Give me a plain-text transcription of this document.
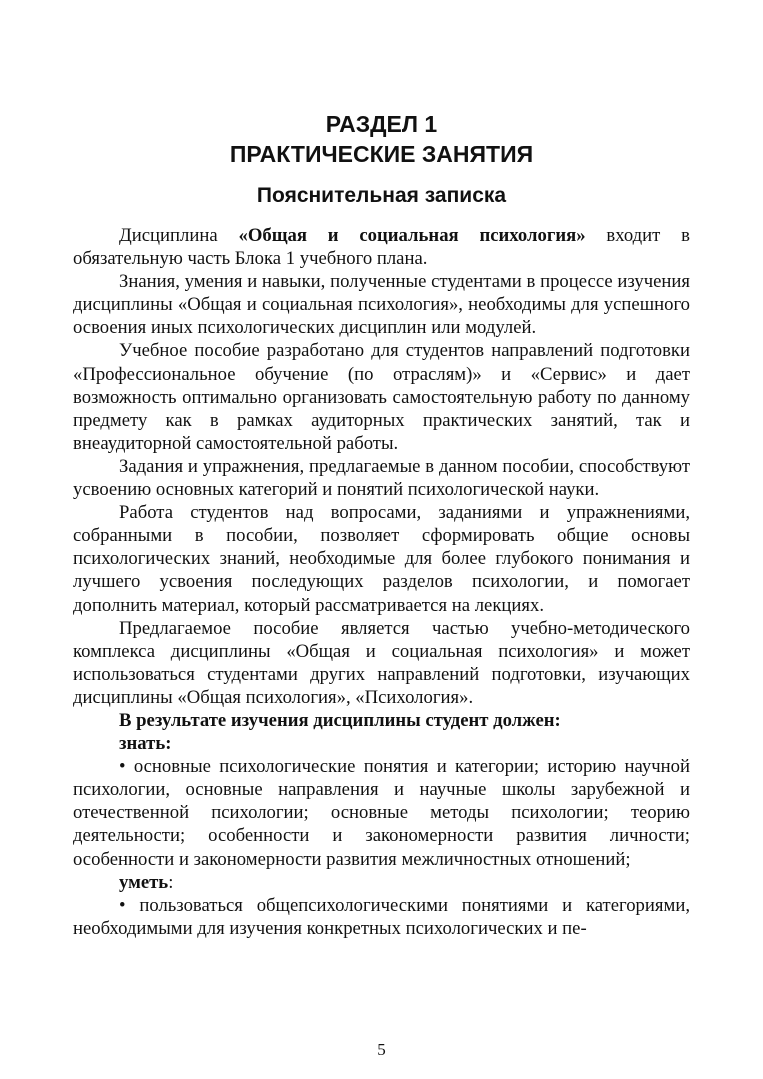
РАЗДЕЛ 1
ПРАКТИЧЕСКИЕ ЗАНЯТИЯ
Пояснительная записка

Дисциплина «Общая и социальная психология» входит в обязательную часть Блока 1 учебного плана.

Знания, умения и навыки, полученные студентами в процессе изучения дисциплины «Общая и социальная психология», необходимы для успешного освоения иных психологических дисциплин или модулей.

Учебное пособие разработано для студентов направлений подготовки «Профессиональное обучение (по отраслям)» и «Сервис» и дает возможность оптимально организовать самостоятельную работу по данному предмету как в рамках аудиторных практических занятий, так и внеаудиторной самостоятельной работы.

Задания и упражнения, предлагаемые в данном пособии, способствуют усвоению основных категорий и понятий психологической науки.

Работа студентов над вопросами, заданиями и упражнениями, собранными в пособии, позволяет сформировать общие основы психологических знаний, необходимые для более глубокого понимания и лучшего усвоения последующих разделов психологии, и помогает дополнить материал, который рассматривается на лекциях.

Предлагаемое пособие является частью учебно-методического комплекса дисциплины «Общая и социальная психология» и может использоваться студентами других направлений подготовки, изучающих дисциплины «Общая психология», «Психология».

В результате изучения дисциплины студент должен:

знать:

• основные психологические понятия и категории; историю научной психологии, основные направления и научные школы зарубежной и отечественной психологии; основные методы психологии; теорию деятельности; особенности и закономерности развития личности; особенности и закономерности развития межличностных отношений;

уметь:

• пользоваться общепсихологическими понятиями и категориями, необходимыми для изучения конкретных психологических и пе-

5
